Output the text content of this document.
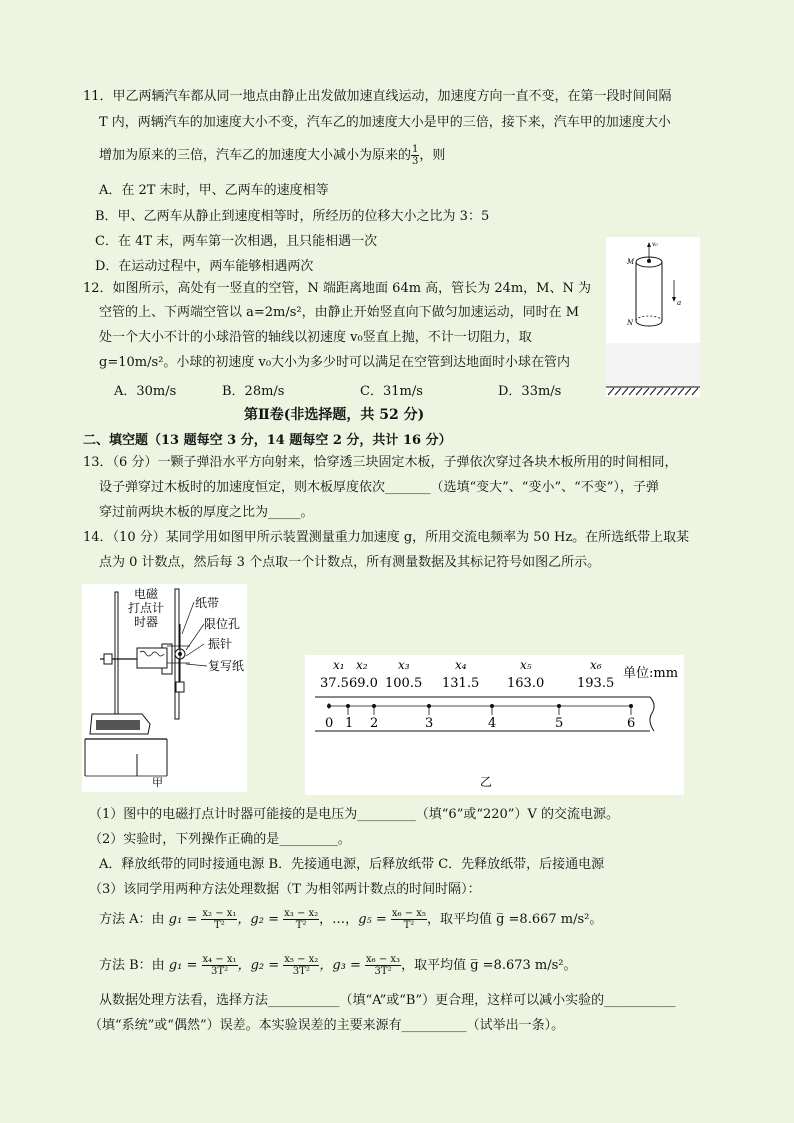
11．甲乙两辆汽车都从同一地点由静止出发做加速直线运动，加速度方向一直不变，在第一段时间间隔
T 内，两辆汽车的加速度大小不变，汽车乙的加速度大小是甲的三倍，接下来，汽车甲的加速度大小
增加为原来的三倍，汽车乙的加速度大小减小为原来的 $\frac{1}{3}$ ，则
A．在 2T 末时，甲、乙两车的速度相等
B．甲、乙两车从静止到速度相等时，所经历的位移大小之比为 3：5
C．在 4T 末，两车第一次相遇，且只能相遇一次
D．在运动过程中，两车能够相遇两次
12．如图所示，高处有一竖直的空管，N 端距离地面 64m 高，管长为 24m，M、N 为
空管的上、下两端空管以 a=2m/s²，由静止开始竖直向下做匀加速运动，同时在 M
处一个大小不计的小球沿管的轴线以初速度 v₀竖直上抛，不计一切阻力，取
g=10m/s²。小球的初速度 v₀大小为多少时可以满足在空管到达地面时小球在管内
A．30m/s	B．28m/s	C．31m/s	D．33m/s
M
N
v₀
a
第Ⅱ卷(非选择题，共 52 分)
二、填空题（13 题每空 3 分，14 题每空 2 分，共计 16 分）
13．（6 分）一颗子弹沿水平方向射来，恰穿透三块固定木板，子弹依次穿过各块木板所用的时间相同，
设子弹穿过木板时的加速度恒定，则木板厚度依次_______（选填“变大”、“变小”、“不变”），子弹
穿过前两块木板的厚度之比为_____。
14．（10 分）某同学用如图甲所示装置测量重力加速度 g，所用交流电频率为 50 Hz。在所选纸带上取某
点为 0 计数点，然后每 3 个点取一个计数点，所有测量数据及其标记符号如图乙所示。
电磁
打点计
时器
纸带
限位孔
振针
复写纸
甲
0 1 2	3	4	5	6
x₁ x₂	x₃	x₄	x₅	x₆
37.5 69.0 100.5 131.5 163.0	193.5
单位:mm
乙
（1）图中的电磁打点计时器可能接的是电压为_________（填“6”或“220”）V 的交流电源。
（2）实验时，下列操作正确的是_________。
A．释放纸带的同时接通电源 B．先接通电源，后释放纸带 C．先释放纸带，后接通电源
（3）该同学用两种方法处理数据（T 为相邻两计数点的时间时隔）：
方法 A：由 $g_1 = \frac{\text{x₂ − x₁}}{\text{T²}}$ ，$g_2 = \frac{\text{x₃ − x₂}}{\text{T²}}$ ，…，$g_5 = \frac{\text{x₆ − x₅}}{\text{T²}}$ ，取平均值 g̅ =8.667 m/s²。
方法 B：由 $g_1 = \frac{\text{x₄ − x₁}}{\text{3T²}}$ ，$g_2 = \frac{\text{x₅ − x₂}}{\text{3T²}}$ ，$g_3 = \frac{\text{x₆ − x₃}}{\text{3T²}}$ ，取平均值 g̅ =8.673 m/s²。
从数据处理方法看，选择方法___________（填“A”或“B”）更合理，这样可以减小实验的___________
（填“系统”或“偶然”）误差。本实验误差的主要来源有__________（试举出一条）。
